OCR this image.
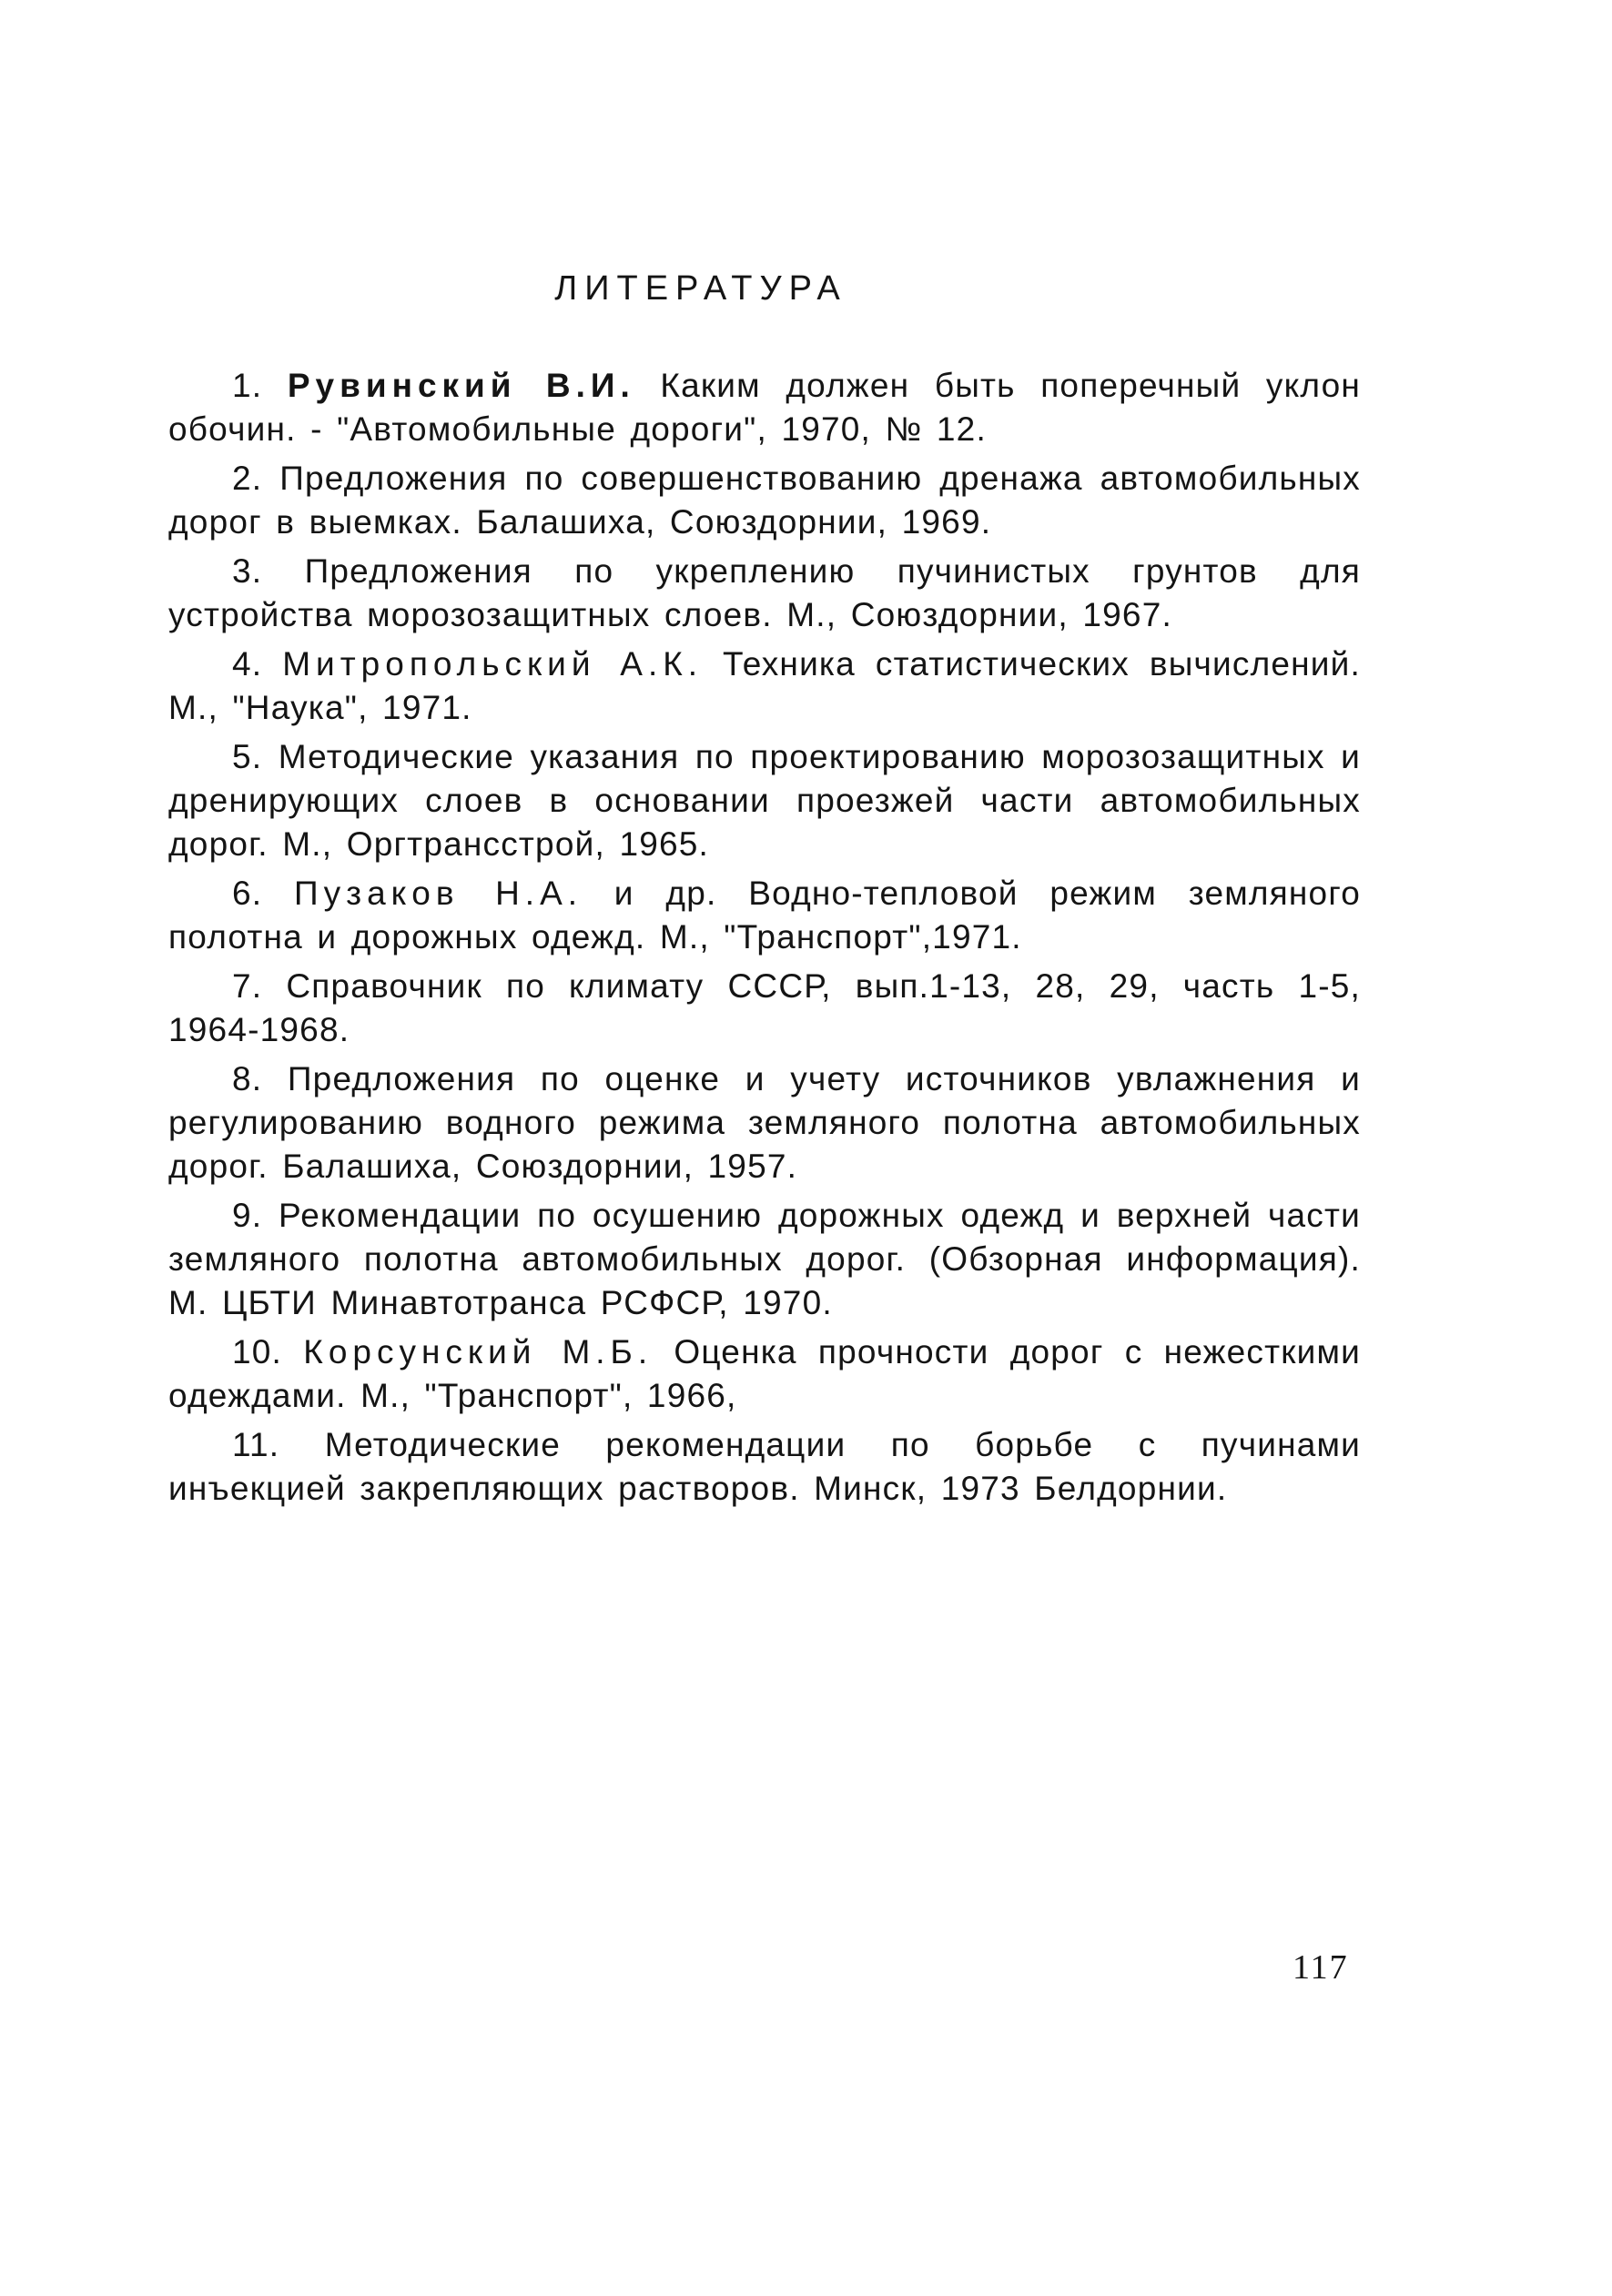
ЛИТЕРАТУРА
1. Рувинский В.И. Каким должен быть поперечный уклон обочин. - "Автомобильные дороги", 1970, № 12.
2. Предложения по совершенствованию дренажа автомобильных дорог в выемках. Балашиха, Союздорнии, 1969.
3. Предложения по укреплению пучинистых грунтов для устройства морозозащитных слоев. М., Союздорнии, 1967.
4. Митропольский А.К. Техника статистических вычислений. М., "Наука", 1971.
5. Методические указания по проектированию морозозащитных и дренирующих слоев в основании проезжей части автомобильных дорог. М., Оргтрансстрой, 1965.
6. Пузаков Н.А. и др. Водно-тепловой режим земляного полотна и дорожных одежд. М., "Транспорт",1971.
7. Справочник по климату СССР, вып.1-13, 28, 29, часть 1-5, 1964-1968.
8. Предложения по оценке и учету источников увлажнения и регулированию водного режима земляного полотна автомобильных дорог. Балашиха, Союздорнии, 1957.
9. Рекомендации по осушению дорожных одежд и верхней части земляного полотна автомобильных дорог. (Обзорная информация). М. ЦБТИ Минавтотранса РСФСР, 1970.
10. Корсунский М.Б. Оценка прочности дорог с нежесткими одеждами. М., "Транспорт", 1966,
11. Методические рекомендации по борьбе с пучинами инъекцией закрепляющих растворов. Минск, 1973 Белдорнии.
117
